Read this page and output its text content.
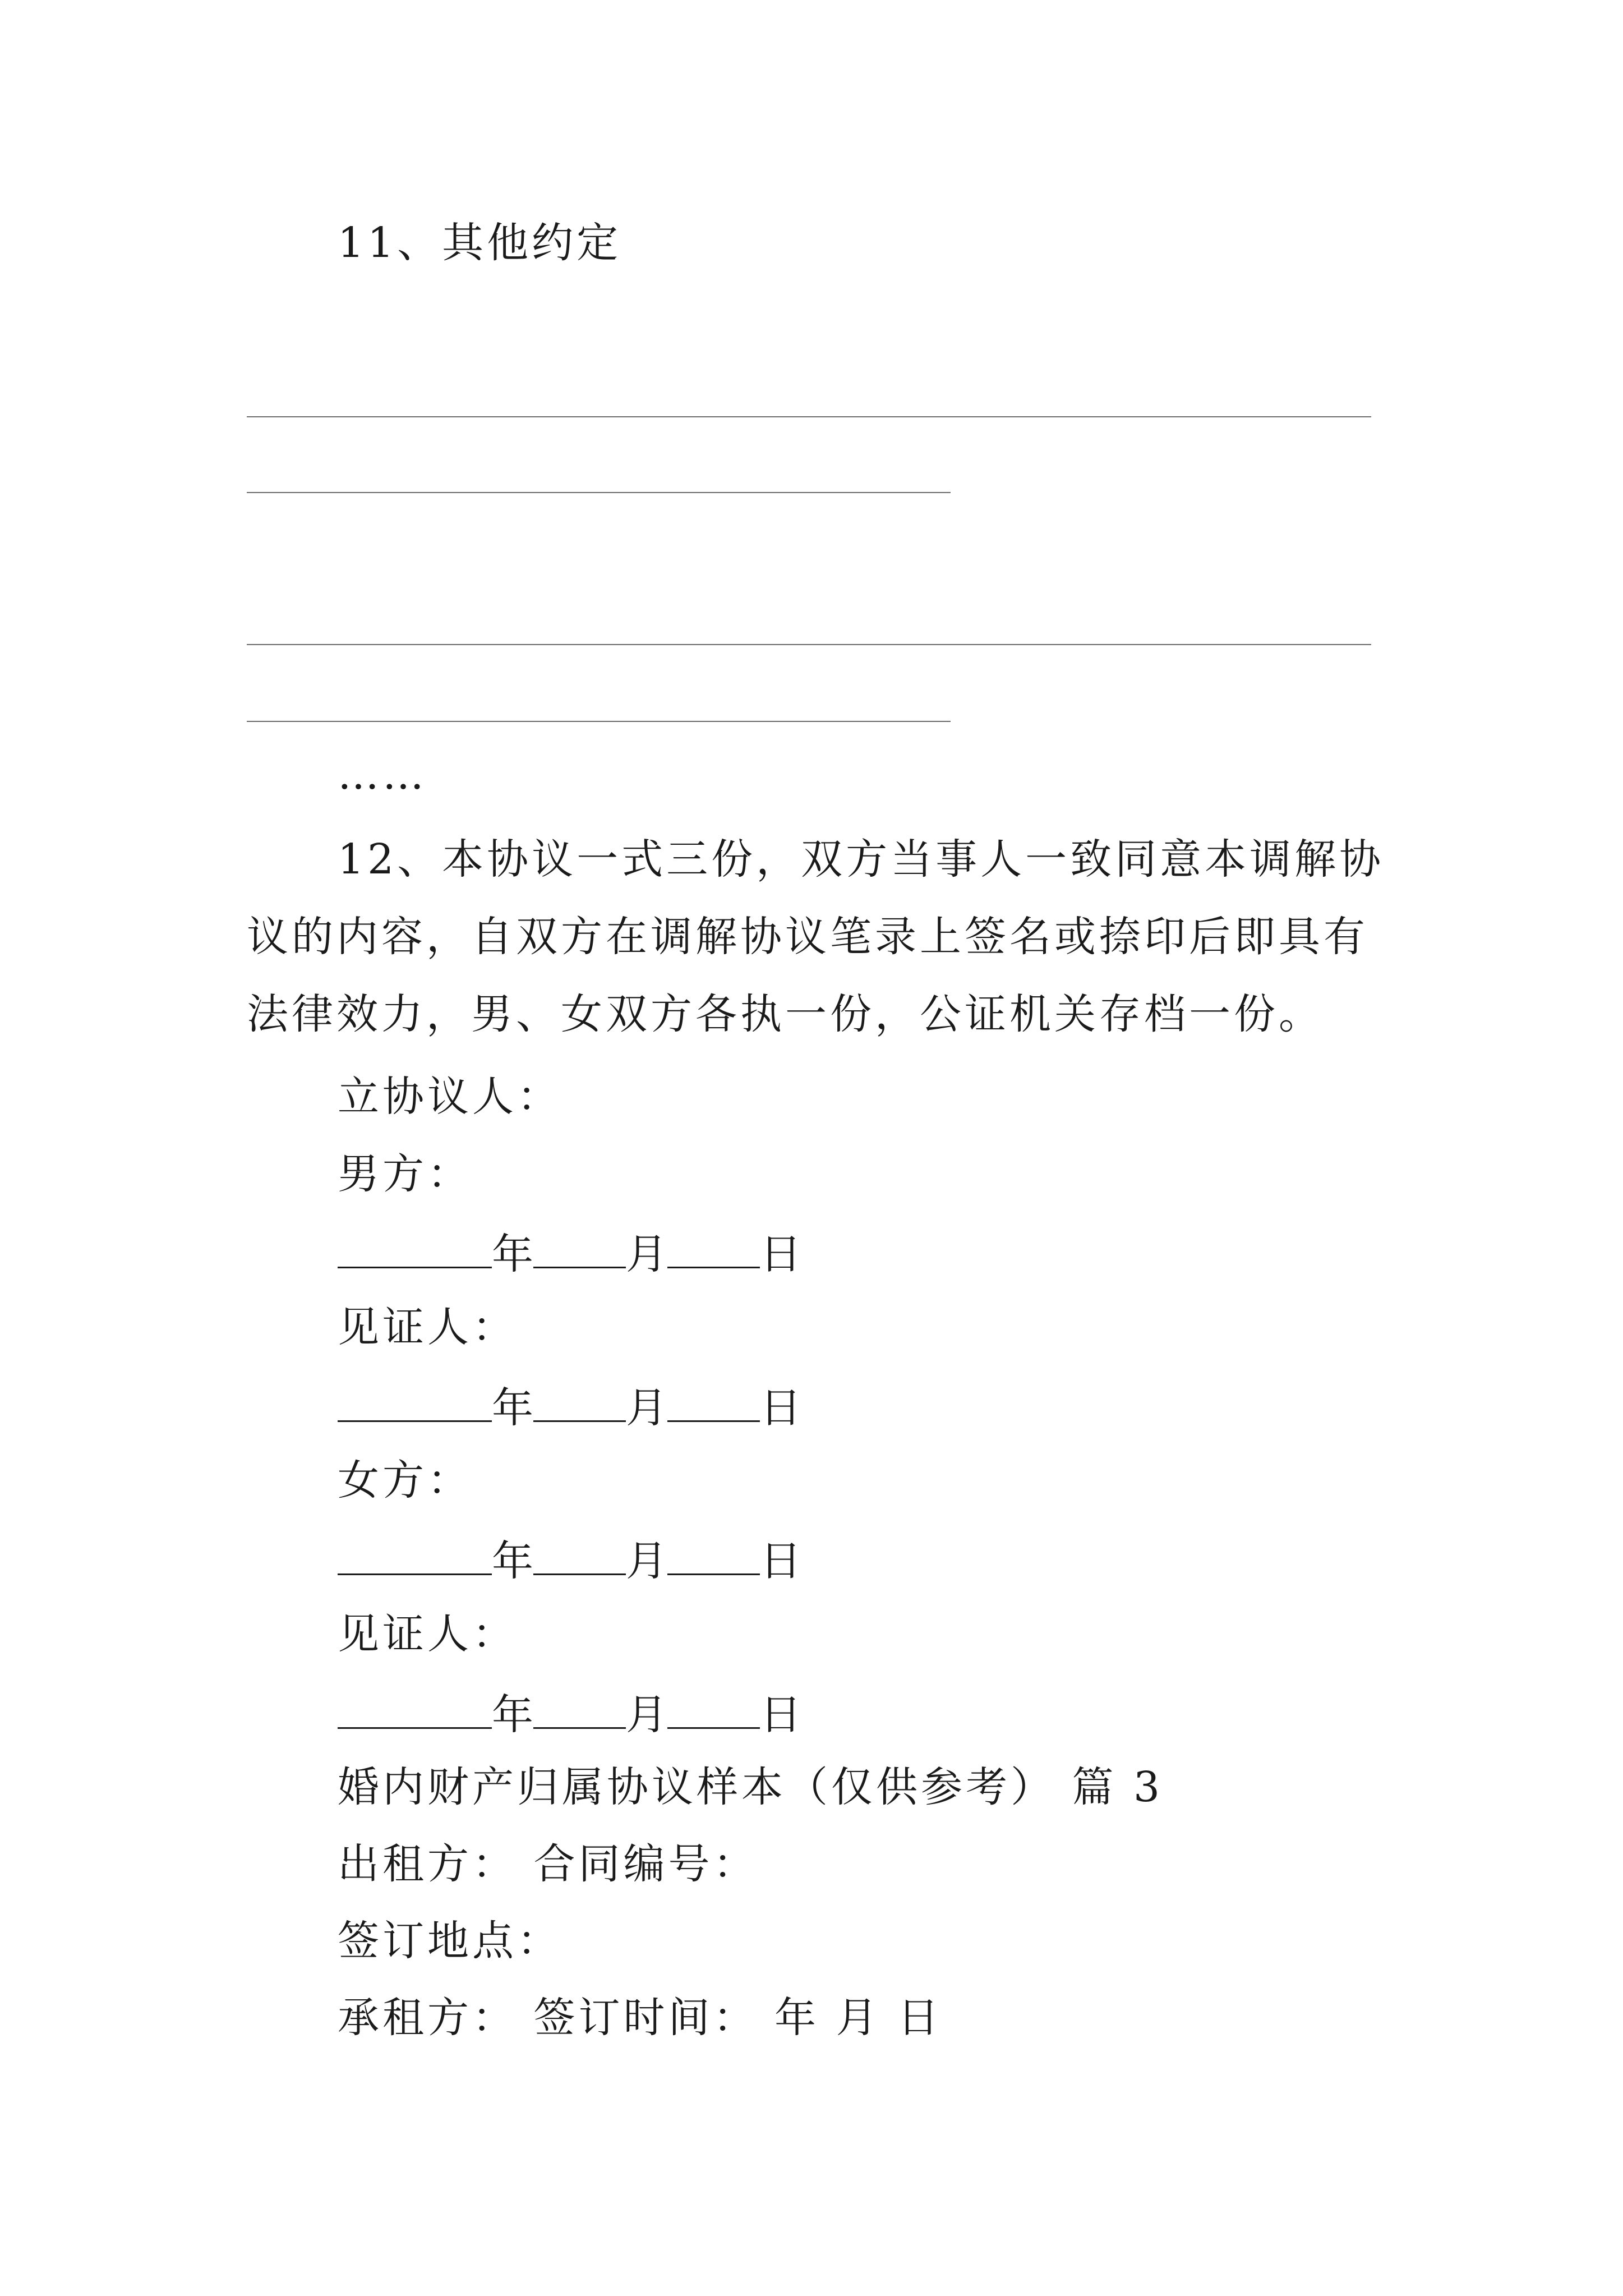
11、其他约定
……
12、本协议一式三份，双方当事人一致同意本调解协议的内容，自双方在调解协议笔录上签名或捺印后即具有法律效力，男、女双方各执一份，公证机关存档一份。
立协议人：
男方：
年 月 日
见证人：
年 月 日
女方：
年 月 日
见证人：
年 月 日
婚内财产归属协议样本（仅供参考） 篇 3
出租方： 合同编号：
签订地点：
承租方： 签订时间： 年 月 日
